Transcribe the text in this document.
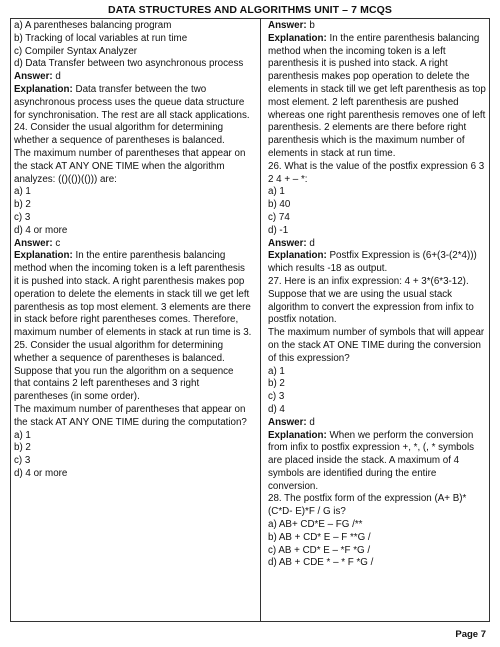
DATA STRUCTURES AND ALGORITHMS UNIT – 7 MCQS

a) A parentheses balancing program

b) Tracking of local variables at run time

c) Compiler Syntax Analyzer

d) Data Transfer between two asynchronous process

Answer: d

Explanation: Data transfer between the two asynchronous process uses the queue data structure for synchronisation. The rest are all stack applications.

24. Consider the usual algorithm for determining whether a sequence of parentheses is balanced.

The maximum number of parentheses that appear on the stack AT ANY ONE TIME when the algorithm analyzes: (()(())(())) are:

a) 1

b) 2

c) 3

d) 4 or more

Answer: c

Explanation: In the entire parenthesis balancing method when the incoming token is a left parenthesis it is pushed into stack. A right parenthesis makes pop operation to delete the elements in stack till we get left parenthesis as top most element. 3 elements are there in stack before right parentheses comes. Therefore, maximum number of elements in stack at run time is 3.

25. Consider the usual algorithm for determining whether a sequence of parentheses is balanced.

Suppose that you run the algorithm on a sequence that contains 2 left parentheses and 3 right parentheses (in some order).

The maximum number of parentheses that appear on the stack AT ANY ONE TIME during the computation?

a) 1

b) 2

c) 3

d) 4 or more

Answer: b

Explanation: In the entire parenthesis balancing method when the incoming token is a left parenthesis it is pushed into stack. A right parenthesis makes pop operation to delete the elements in stack till we get left parenthesis as top most element. 2 left parenthesis are pushed whereas one right parenthesis removes one of left parenthesis. 2 elements are there before right parenthesis which is the maximum number of elements in stack at run time.

26. What is the value of the postfix expression 6 3 2 4 + – *:

a) 1

b) 40

c) 74

d) -1

Answer: d

Explanation: Postfix Expression is (6+(3-(2*4))) which results -18 as output.

27. Here is an infix expression: 4 + 3*(6*3-12). Suppose that we are using the usual stack algorithm to convert the expression from infix to postfix notation.

The maximum number of symbols that will appear on the stack AT ONE TIME during the conversion of this expression?

a) 1

b) 2

c) 3

d) 4

Answer: d

Explanation: When we perform the conversion from infix to postfix expression +, *, (, * symbols are placed inside the stack. A maximum of 4 symbols are identified during the entire conversion.

28. The postfix form of the expression (A+ B)*(C*D- E)*F / G is?

a) AB+ CD*E – FG /**

b) AB + CD* E – F **G /

c) AB + CD* E – *F *G /

d) AB + CDE * – * F *G /

Page 7
